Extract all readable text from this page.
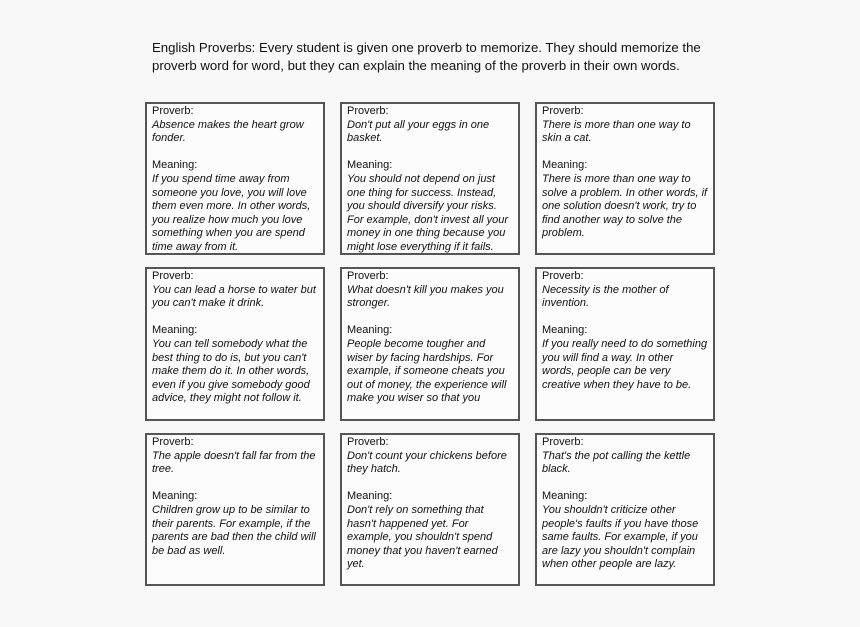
English Proverbs: Every student is given one proverb to memorize. They should memorize the proverb word for word, but they can explain the meaning of the proverb in their own words.

Proverb:
Absence makes the heart grow fonder.
Meaning:
If you spend time away from someone you love, you will love them even more. In other words, you realize how much you love something when you are spend time away from it.
Proverb:
Don't put all your eggs in one basket.
Meaning:
You should not depend on just one thing for success. Instead, you should diversify your risks. For example, don't invest all your money in one thing because you might lose everything if it fails.
Proverb:
There is more than one way to skin a cat.
Meaning:
There is more than one way to solve a problem. In other words, if one solution doesn't work, try to find another way to solve the problem.
Proverb:
You can lead a horse to water but you can't make it drink.
Meaning:
You can tell somebody what the best thing to do is, but you can't make them do it. In other words, even if you give somebody good advice, they might not follow it.
Proverb:
What doesn't kill you makes you stronger.
Meaning:
People become tougher and wiser by facing hardships. For example, if someone cheats you out of money, the experience will make you wiser so that you
Proverb:
Necessity is the mother of invention.
Meaning:
If you really need to do something you will find a way. In other words, people can be very creative when they have to be.
Proverb:
The apple doesn't fall far from the tree.
Meaning:
Children grow up to be similar to their parents. For example, if the parents are bad then the child will be bad as well.
Proverb:
Don't count your chickens before they hatch.
Meaning:
Don't rely on something that hasn't happened yet. For example, you shouldn't spend money that you haven't earned yet.
Proverb:
That's the pot calling the kettle black.
Meaning:
You shouldn't criticize other people's faults if you have those same faults. For example, if you are lazy you shouldn't complain when other people are lazy.
